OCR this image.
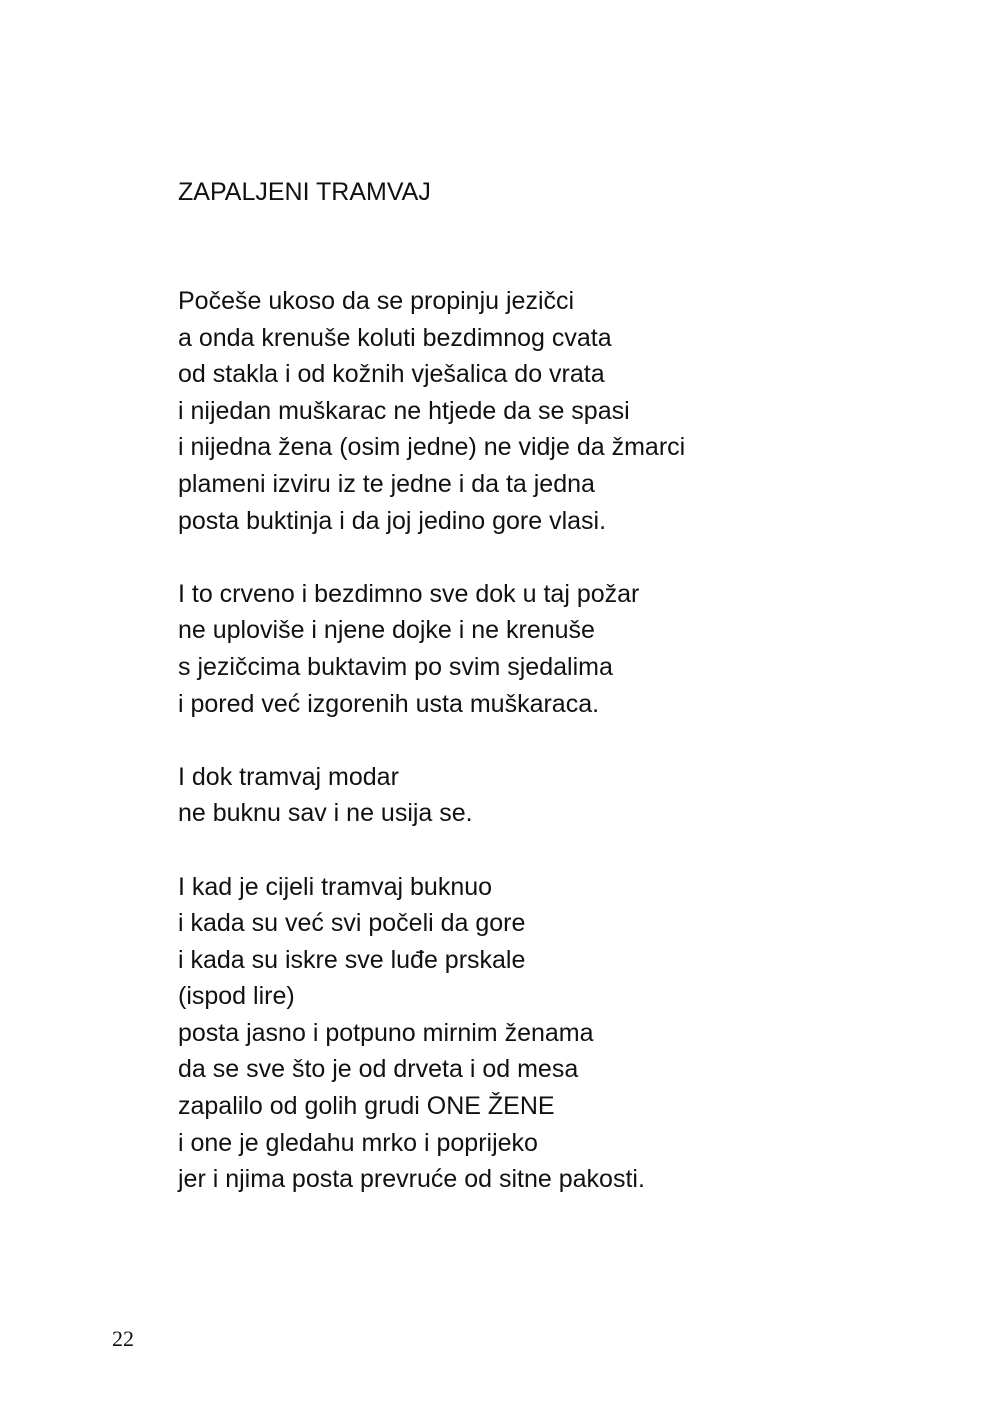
ZAPALJENI TRAMVAJ

Počeše ukoso da se propinju jezičci
a onda krenuše koluti bezdimnog cvata
od stakla i od kožnih vješalica do vrata
i nijedan muškarac ne htjede da se spasi
i nijedna žena (osim jedne) ne vidje da žmarci
plameni izviru iz te jedne i da ta jedna
posta buktinja i da joj jedino gore vlasi.

I to crveno i bezdimno sve dok u taj požar
ne uploviše i njene dojke i ne krenuše
s jezičcima buktavim po svim sjedalima
i pored već izgorenih usta muškaraca.

I dok tramvaj modar
ne buknu sav i ne usija se.

I kad je cijeli tramvaj buknuo
i kada su već svi počeli da gore
i kada su iskre sve luđe prskale
(ispod lire)
posta jasno i potpuno mirnim ženama
da se sve što je od drveta i od mesa
zapalilo od golih grudi ONE ŽENE
i one je gledahu mrko i poprijeko
jer i njima posta prevruće od sitne pakosti.

22
